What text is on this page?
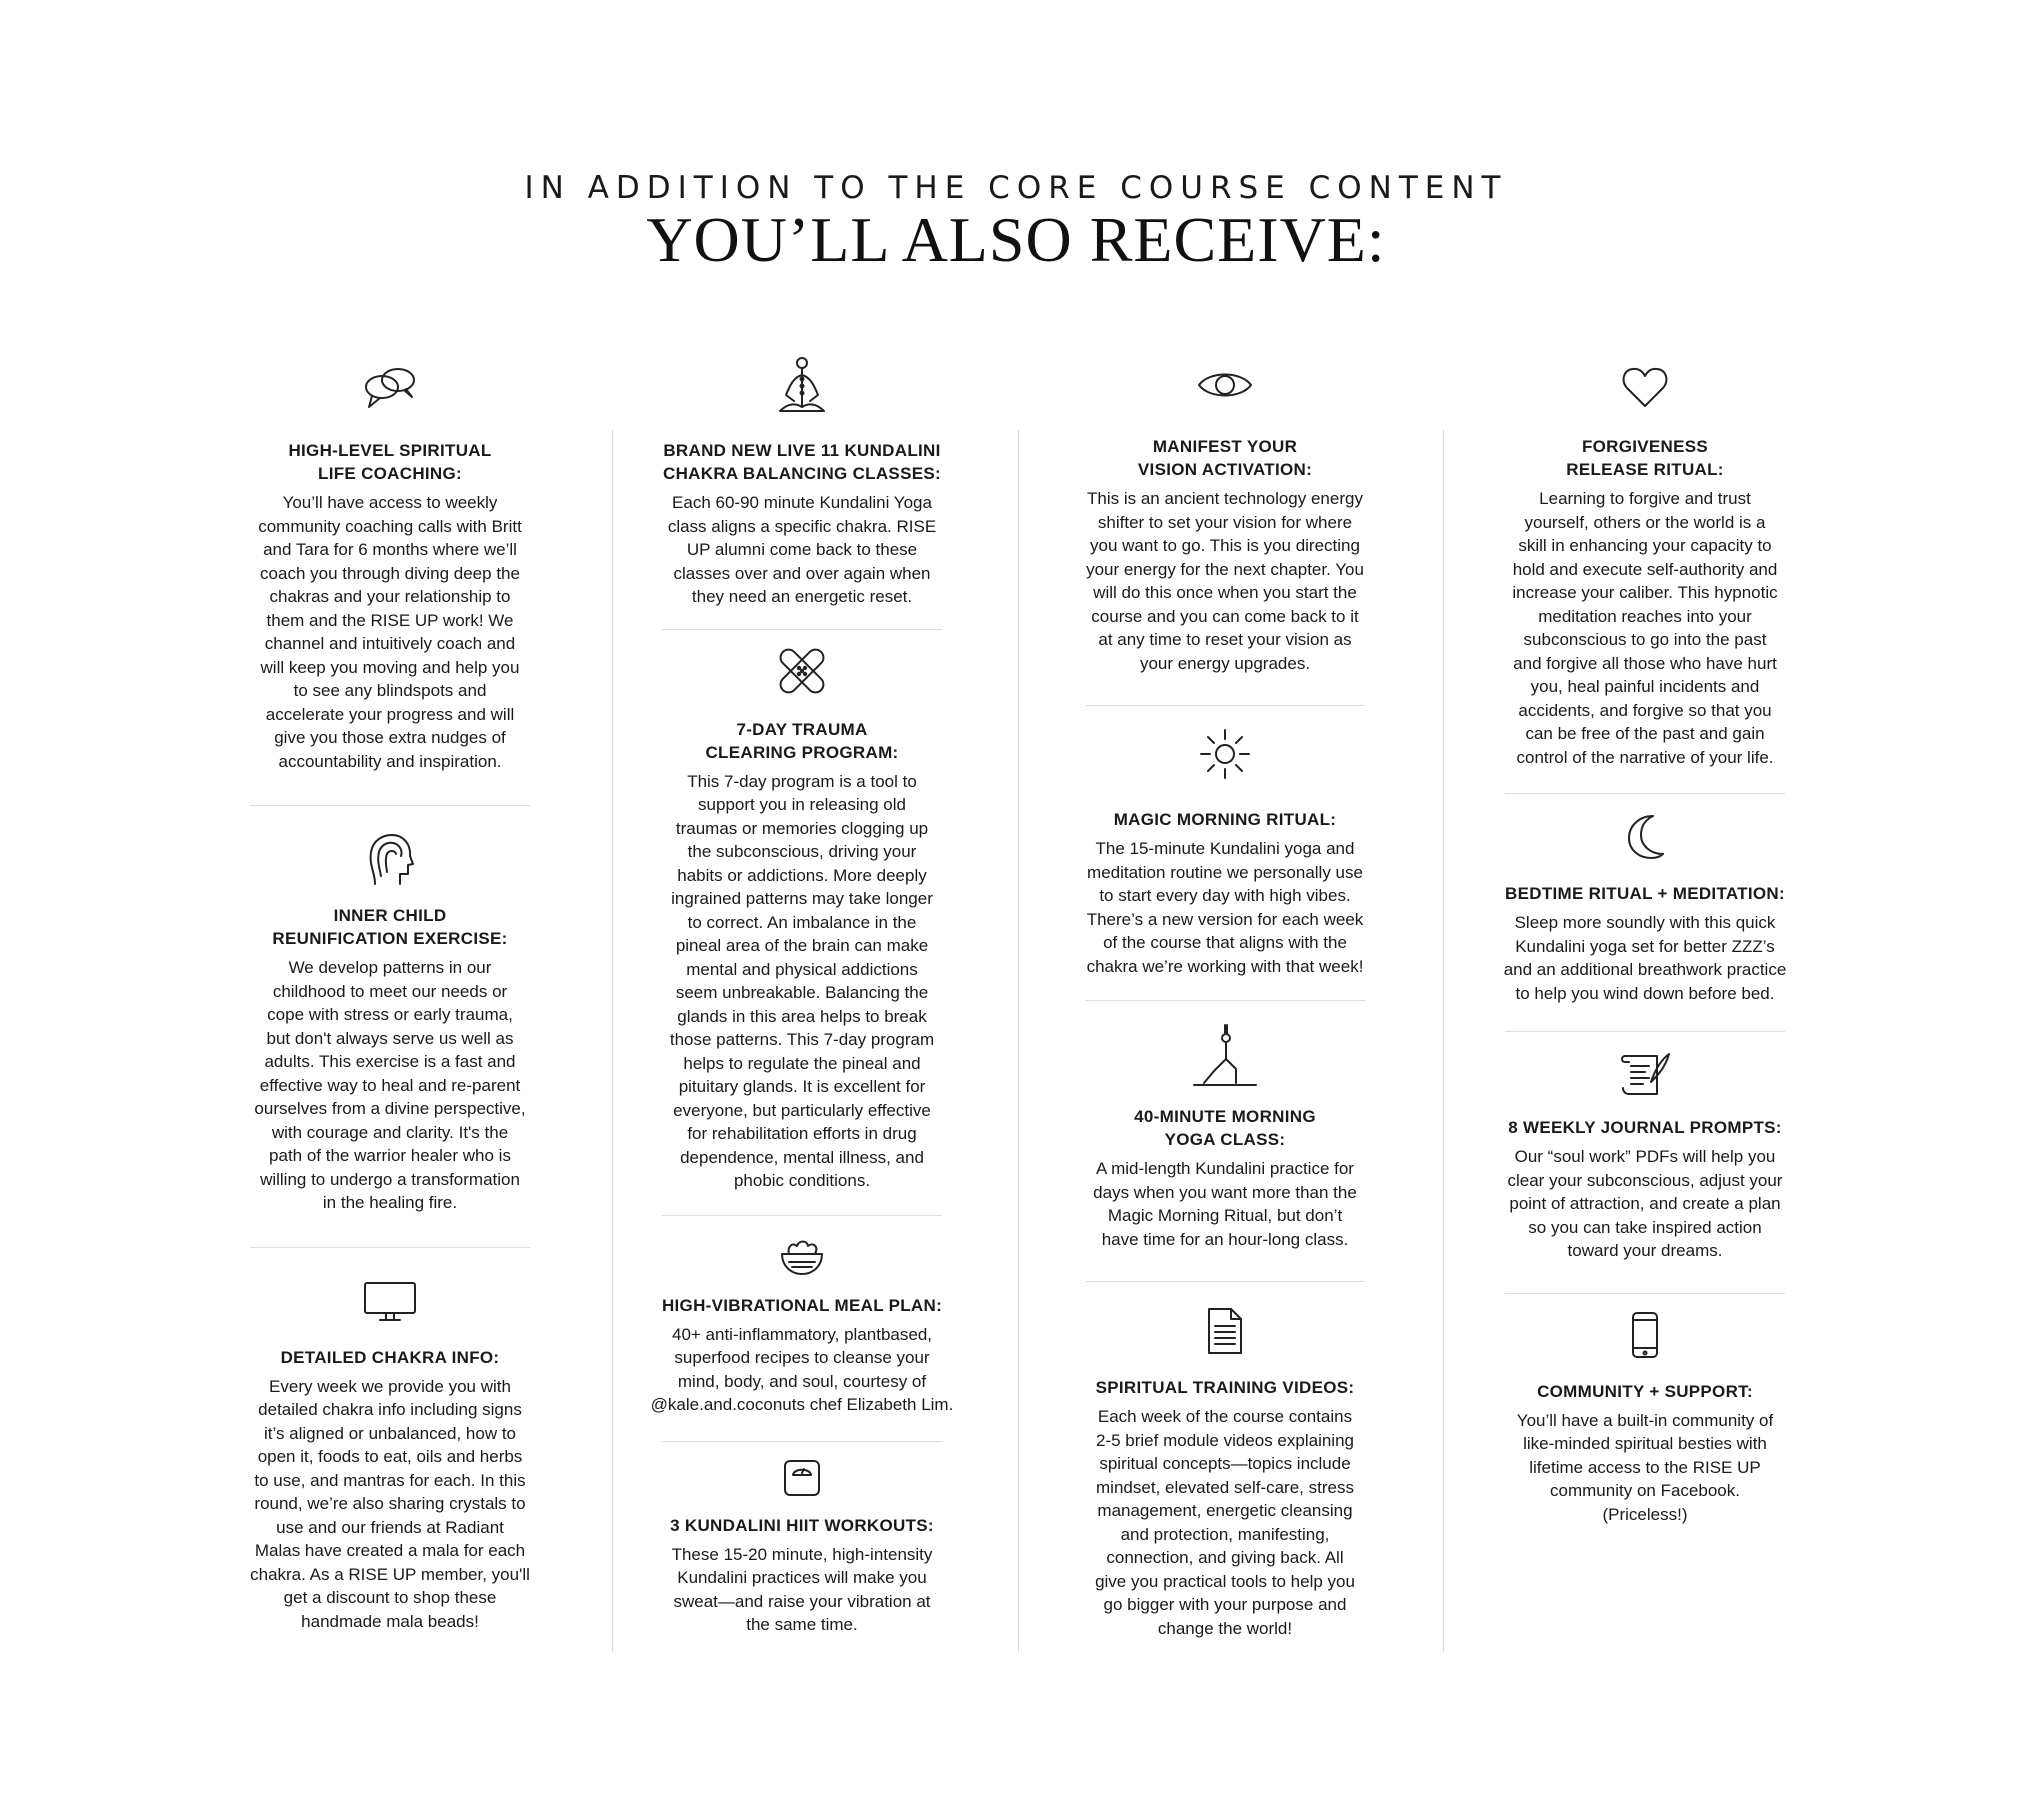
IN ADDITION TO THE CORE COURSE CONTENT
YOU’LL ALSO RECEIVE:
HIGH-LEVEL SPIRITUAL
LIFE COACHING:
You’ll have access to weekly
community coaching calls with Britt
and Tara for 6 months where we’ll
coach you through diving deep the
chakras and your relationship to
them and the RISE UP work! We
channel and intuitively coach and
will keep you moving and help you
to see any blindspots and
accelerate your progress and will
give you those extra nudges of
accountability and inspiration.
INNER CHILD
REUNIFICATION EXERCISE:
We develop patterns in our
childhood to meet our needs or
cope with stress or early trauma,
but don't always serve us well as
adults. This exercise is a fast and
effective way to heal and re-parent
ourselves from a divine perspective,
with courage and clarity. It's the
path of the warrior healer who is
willing to undergo a transformation
in the healing fire.
DETAILED CHAKRA INFO:
Every week we provide you with
detailed chakra info including signs
it’s aligned or unbalanced, how to
open it, foods to eat, oils and herbs
to use, and mantras for each. In this
round, we’re also sharing crystals to
use and our friends at Radiant
Malas have created a mala for each
chakra. As a RISE UP member, you'll
get a discount to shop these
handmade mala beads!
BRAND NEW LIVE 11 KUNDALINI
CHAKRA BALANCING CLASSES:
Each 60-90 minute Kundalini Yoga
class aligns a specific chakra. RISE
UP alumni come back to these
classes over and over again when
they need an energetic reset.
7-DAY TRAUMA
CLEARING PROGRAM:
This 7-day program is a tool to
support you in releasing old
traumas or memories clogging up
the subconscious, driving your
habits or addictions. More deeply
ingrained patterns may take longer
to correct. An imbalance in the
pineal area of the brain can make
mental and physical addictions
seem unbreakable. Balancing the
glands in this area helps to break
those patterns. This 7-day program
helps to regulate the pineal and
pituitary glands. It is excellent for
everyone, but particularly effective
for rehabilitation efforts in drug
dependence, mental illness, and
phobic conditions.
HIGH-VIBRATIONAL MEAL PLAN:
40+ anti-inflammatory, plantbased,
superfood recipes to cleanse your
mind, body, and soul, courtesy of
@kale.and.coconuts chef Elizabeth Lim.
3 KUNDALINI HIIT WORKOUTS:
These 15-20 minute, high-intensity
Kundalini practices will make you
sweat—and raise your vibration at
the same time.
MANIFEST YOUR
VISION ACTIVATION:
This is an ancient technology energy
shifter to set your vision for where
you want to go. This is you directing
your energy for the next chapter. You
will do this once when you start the
course and you can come back to it
at any time to reset your vision as
your energy upgrades.
MAGIC MORNING RITUAL:
The 15-minute Kundalini yoga and
meditation routine we personally use
to start every day with high vibes.
There’s a new version for each week
of the course that aligns with the
chakra we’re working with that week!
40-MINUTE MORNING
YOGA CLASS:
A mid-length Kundalini practice for
days when you want more than the
Magic Morning Ritual, but don’t
have time for an hour-long class.
SPIRITUAL TRAINING VIDEOS:
Each week of the course contains
2-5 brief module videos explaining
spiritual concepts—topics include
mindset, elevated self-care, stress
management, energetic cleansing
and protection, manifesting,
connection, and giving back. All
give you practical tools to help you
go bigger with your purpose and
change the world!
FORGIVENESS
RELEASE RITUAL:
Learning to forgive and trust
yourself, others or the world is a
skill in enhancing your capacity to
hold and execute self-authority and
increase your caliber. This hypnotic
meditation reaches into your
subconscious to go into the past
and forgive all those who have hurt
you, heal painful incidents and
accidents, and forgive so that you
can be free of the past and gain
control of the narrative of your life.
BEDTIME RITUAL + MEDITATION:
Sleep more soundly with this quick
Kundalini yoga set for better ZZZ’s
and an additional breathwork practice
to help you wind down before bed.
8 WEEKLY JOURNAL PROMPTS:
Our “soul work” PDFs will help you
clear your subconscious, adjust your
point of attraction, and create a plan
so you can take inspired action
toward your dreams.
COMMUNITY + SUPPORT:
You’ll have a built-in community of
like-minded spiritual besties with
lifetime access to the RISE UP
community on Facebook.
(Priceless!)
